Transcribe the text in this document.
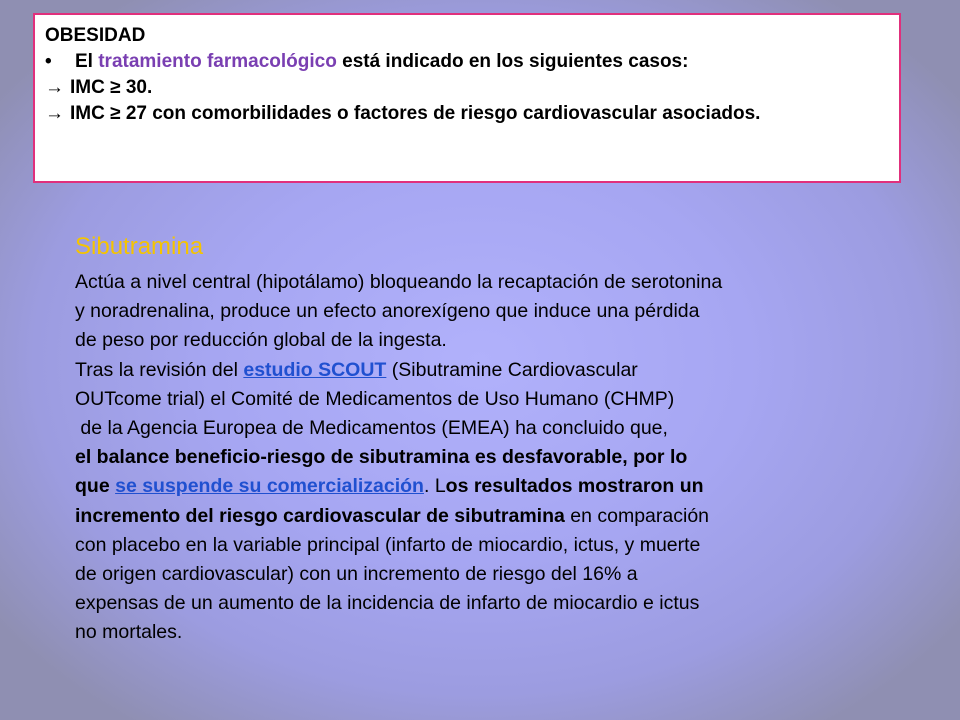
OBESIDAD
•	El tratamiento farmacológico está indicado en los siguientes casos:
→ IMC ≥ 30.
→ IMC ≥ 27 con comorbilidades o factores de riesgo cardiovascular asociados.
Sibutramina
Actúa a nivel central (hipotálamo) bloqueando la recaptación de serotonina
y noradrenalina, produce un efecto anorexígeno que induce una pérdida
de peso por reducción global de la ingesta.
Tras la revisión del estudio SCOUT (Sibutramine Cardiovascular
OUTcome trial) el Comité de Medicamentos de Uso Humano (CHMP)
de la Agencia Europea de Medicamentos (EMEA) ha concluido que,
el balance beneficio-riesgo de sibutramina es desfavorable, por lo
que se suspende su comercialización. Los resultados mostraron un
incremento del riesgo cardiovascular de sibutramina en comparación
con placebo en la variable principal (infarto de miocardio, ictus, y muerte
de origen cardiovascular) con un incremento de riesgo del 16% a
expensas de un aumento de la incidencia de infarto de miocardio e ictus
no mortales.
